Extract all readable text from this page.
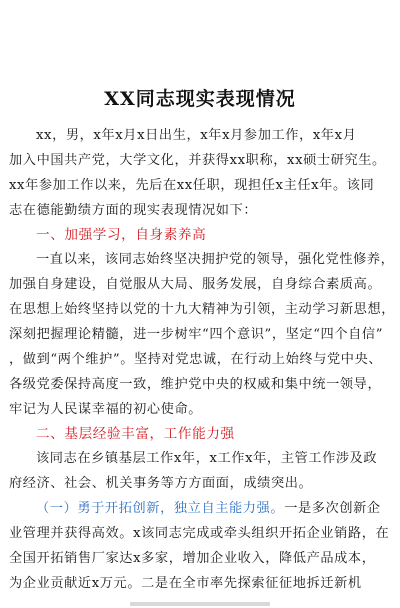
XX同志现实表现情况
xx，男，x年x月x日出生，x年x月参加工作，x年x月
加入中国共产党，大学文化，并获得xx职称，xx硕士研究生。
xx年参加工作以来，先后在xx任职，现担任x主任x年。该同
志在德能勤绩方面的现实表现情况如下：
一、加强学习，自身素养高
一直以来，该同志始终坚决拥护党的领导，强化党性修养，
加强自身建设，自觉服从大局、服务发展，自身综合素质高。
在思想上始终坚持以党的十九大精神为引领，主动学习新思想，
深刻把握理论精髓，进一步树牢“四个意识”，坚定“四个自信”
，做到“两个维护”。坚持对党忠诚，在行动上始终与党中央、
各级党委保持高度一致，维护党中央的权威和集中统一领导，
牢记为人民谋幸福的初心使命。
二、基层经验丰富，工作能力强
该同志在乡镇基层工作x年，x工作x年，主管工作涉及政
府经济、社会、机关事务等方方面面，成绩突出。
（一）勇于开拓创新，独立自主能力强。一是多次创新企
业管理并获得高效。x该同志完成或牵头组织开拓企业销路，在
全国开拓销售厂家达x多家，增加企业收入，降低产品成本，
为企业贡献近x万元。二是在全市率先探索征征地拆迁新机
